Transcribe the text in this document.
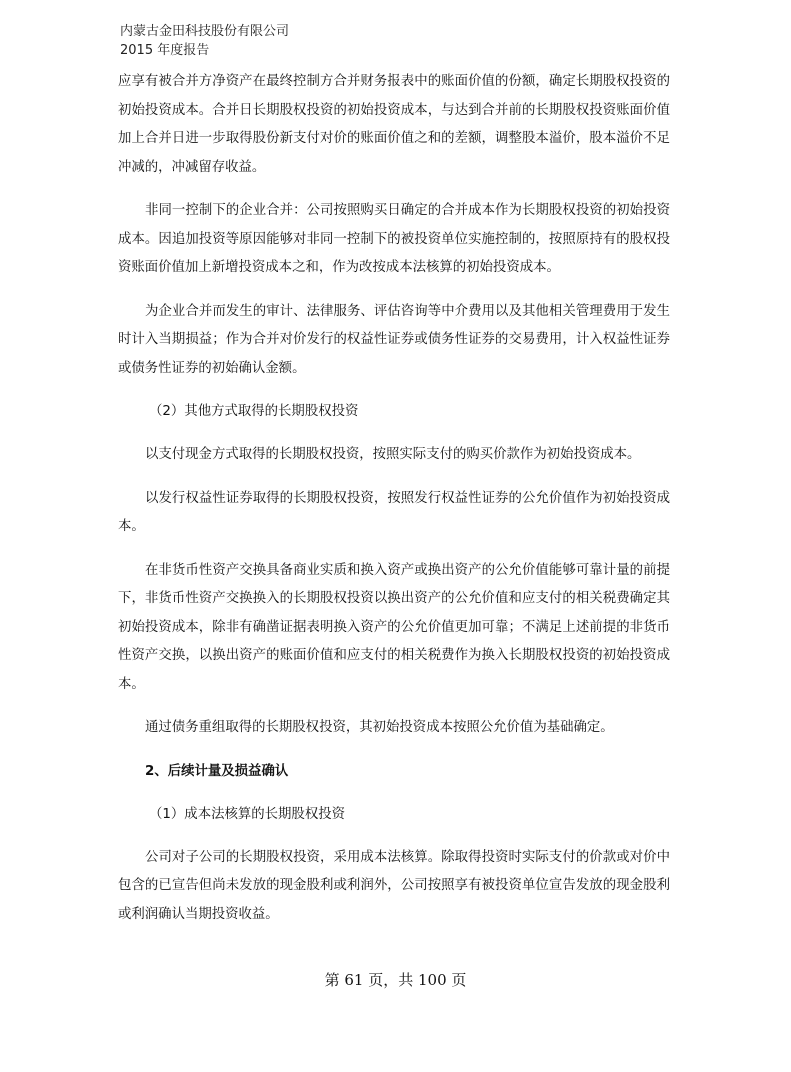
内蒙古金田科技股份有限公司
2015 年度报告

应享有被合并方净资产在最终控制方合并财务报表中的账面价值的份额，确定长期股权投资的初始投资成本。合并日长期股权投资的初始投资成本，与达到合并前的长期股权投资账面价值加上合并日进一步取得股份新支付对价的账面价值之和的差额，调整股本溢价，股本溢价不足冲减的，冲减留存收益。

非同一控制下的企业合并：公司按照购买日确定的合并成本作为长期股权投资的初始投资成本。因追加投资等原因能够对非同一控制下的被投资单位实施控制的，按照原持有的股权投资账面价值加上新增投资成本之和，作为改按成本法核算的初始投资成本。

为企业合并而发生的审计、法律服务、评估咨询等中介费用以及其他相关管理费用于发生时计入当期损益；作为合并对价发行的权益性证券或债务性证券的交易费用，计入权益性证券或债务性证券的初始确认金额。

（2）其他方式取得的长期股权投资

以支付现金方式取得的长期股权投资，按照实际支付的购买价款作为初始投资成本。

以发行权益性证券取得的长期股权投资，按照发行权益性证券的公允价值作为初始投资成本。

在非货币性资产交换具备商业实质和换入资产或换出资产的公允价值能够可靠计量的前提下，非货币性资产交换换入的长期股权投资以换出资产的公允价值和应支付的相关税费确定其初始投资成本，除非有确凿证据表明换入资产的公允价值更加可靠；不满足上述前提的非货币性资产交换，以换出资产的账面价值和应支付的相关税费作为换入长期股权投资的初始投资成本。

通过债务重组取得的长期股权投资，其初始投资成本按照公允价值为基础确定。

2、后续计量及损益确认

（1）成本法核算的长期股权投资

公司对子公司的长期股权投资，采用成本法核算。除取得投资时实际支付的价款或对价中包含的已宣告但尚未发放的现金股利或利润外，公司按照享有被投资单位宣告发放的现金股利或利润确认当期投资收益。

第 61 页，共 100 页
